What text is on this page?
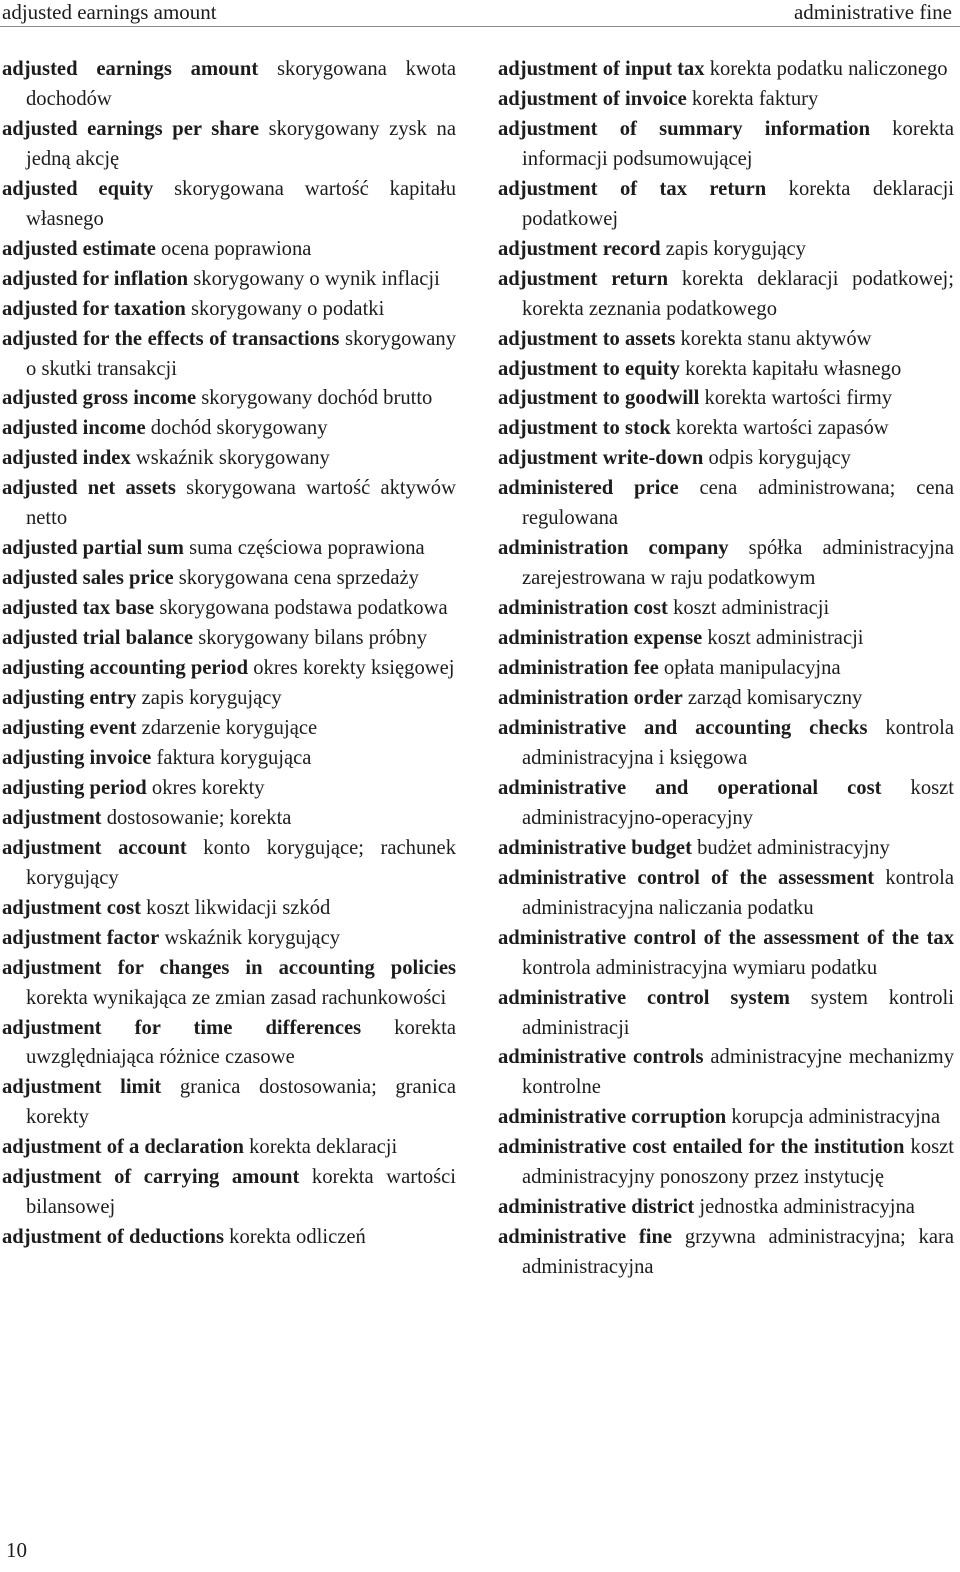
adjusted earnings amount	administrative fine
adjusted earnings amount skorygowana kwota dochodów
adjusted earnings per share skorygowany zysk na jedną akcję
adjusted equity skorygowana wartość kapitału własnego
adjusted estimate ocena poprawiona
adjusted for inflation skorygowany o wynik inflacji
adjusted for taxation skorygowany o podatki
adjusted for the effects of transactions skorygowany o skutki transakcji
adjusted gross income skorygowany dochód brutto
adjusted income dochód skorygowany
adjusted index wskaźnik skorygowany
adjusted net assets skorygowana wartość aktywów netto
adjusted partial sum suma częściowa poprawiona
adjusted sales price skorygowana cena sprzedaży
adjusted tax base skorygowana podstawa podatkowa
adjusted trial balance skorygowany bilans próbny
adjusting accounting period okres korekty księgowej
adjusting entry zapis korygujący
adjusting event zdarzenie korygujące
adjusting invoice faktura korygująca
adjusting period okres korekty
adjustment dostosowanie; korekta
adjustment account konto korygujące; rachunek korygujący
adjustment cost koszt likwidacji szkód
adjustment factor wskaźnik korygujący
adjustment for changes in accounting policies korekta wynikająca ze zmian zasad rachunkowości
adjustment for time differences korekta uwzględniająca różnice czasowe
adjustment limit granica dostosowania; granica korekty
adjustment of a declaration korekta deklaracji
adjustment of carrying amount korekta wartości bilansowej
adjustment of deductions korekta odliczeń
adjustment of input tax korekta podatku naliczonego
adjustment of invoice korekta faktury
adjustment of summary information korekta informacji podsumowującej
adjustment of tax return korekta deklaracji podatkowej
adjustment record zapis korygujący
adjustment return korekta deklaracji podatkowej; korekta zeznania podatkowego
adjustment to assets korekta stanu aktywów
adjustment to equity korekta kapitału własnego
adjustment to goodwill korekta wartości firmy
adjustment to stock korekta wartości zapasów
adjustment write-down odpis korygujący
administered price cena administrowana; cena regulowana
administration company spółka administracyjna zarejestrowana w raju podatkowym
administration cost koszt administracji
administration expense koszt administracji
administration fee opłata manipulacyjna
administration order zarząd komisaryczny
administrative and accounting checks kontrola administracyjna i księgowa
administrative and operational cost koszt administracyjno-operacyjny
administrative budget budżet administracyjny
administrative control of the assessment kontrola administracyjna naliczania podatku
administrative control of the assessment of the tax kontrola administracyjna wymiaru podatku
administrative control system system kontroli administracji
administrative controls administracyjne mechanizmy kontrolne
administrative corruption korupcja administracyjna
administrative cost entailed for the institution koszt administracyjny ponoszony przez instytucję
administrative district jednostka administracyjna
administrative fine grzywna administracyjna; kara administracyjna
10
